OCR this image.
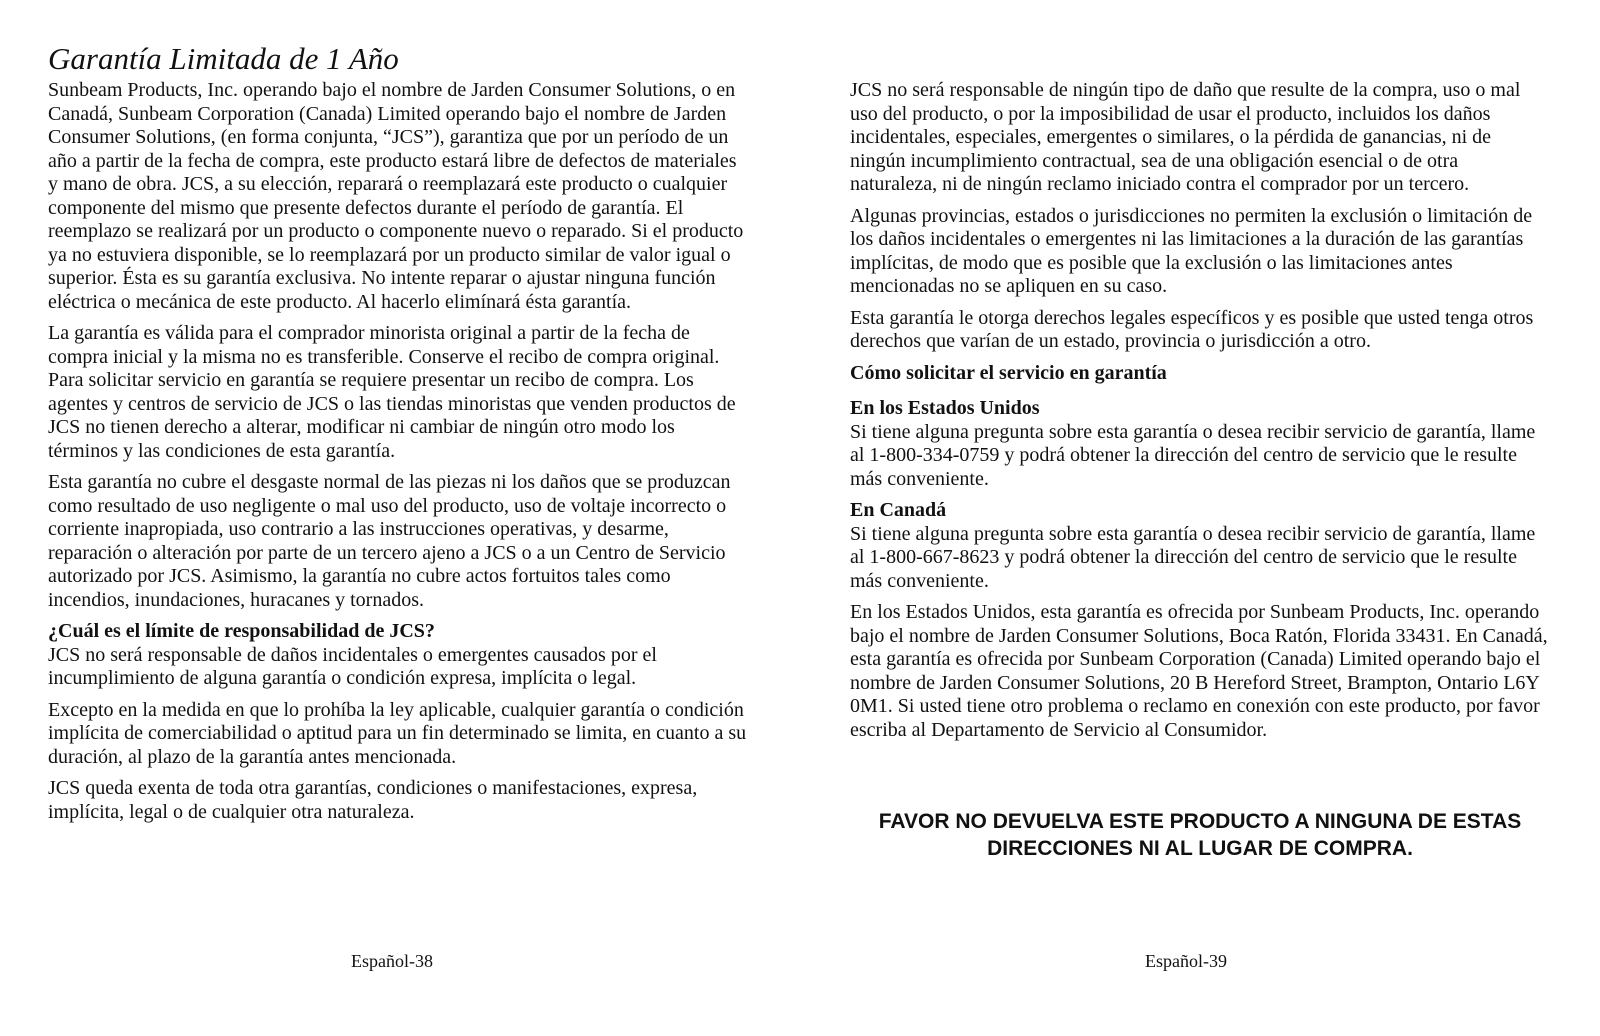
Garantía Limitada de 1 Año

Sunbeam Products, Inc. operando bajo el nombre de Jarden Consumer Solutions, o en Canadá, Sunbeam Corporation (Canada) Limited operando bajo el nombre de Jarden Consumer Solutions, (en forma conjunta, “JCS”), garantiza que por un período de un año a partir de la fecha de compra, este producto estará libre de defectos de materiales y mano de obra. JCS, a su elección, reparará o reemplazará este producto o cualquier componente del mismo que presente defectos durante el período de garantía. El reemplazo se realizará por un producto o componente nuevo o reparado. Si el producto ya no estuviera disponible, se lo reemplazará por un producto similar de valor igual o superior. Ésta es su garantía exclusiva. No intente reparar o ajustar ninguna función eléctrica o mecánica de este producto. Al hacerlo elimínará ésta garantía.

La garantía es válida para el comprador minorista original a partir de la fecha de compra inicial y la misma no es transferible. Conserve el recibo de compra original. Para solicitar servicio en garantía se requiere presentar un recibo de compra. Los agentes y centros de servicio de JCS o las tiendas minoristas que venden productos de JCS no tienen derecho a alterar, modificar ni cambiar de ningún otro modo los términos y las condiciones de esta garantía.

Esta garantía no cubre el desgaste normal de las piezas ni los daños que se produzcan como resultado de uso negligente o mal uso del producto, uso de voltaje incorrecto o corriente inapropiada, uso contrario a las instrucciones operativas, y desarme, reparación o alteración por parte de un tercero ajeno a JCS o a un Centro de Servicio autorizado por JCS. Asimismo, la garantía no cubre actos fortuitos tales como incendios, inundaciones, huracanes y tornados.

¿Cuál es el límite de responsabilidad de JCS?

JCS no será responsable de daños incidentales o emergentes causados por el incumplimiento de alguna garantía o condición expresa, implícita o legal.

Excepto en la medida en que lo prohíba la ley aplicable, cualquier garantía o condición implícita de comerciabilidad o aptitud para un fin determinado se limita, en cuanto a su duración, al plazo de la garantía antes mencionada.

JCS queda exenta de toda otra garantías, condiciones o manifestaciones, expresa, implícita, legal o de cualquier otra naturaleza.

Español-38

JCS no será responsable de ningún tipo de daño que resulte de la compra, uso o mal uso del producto, o por la imposibilidad de usar el producto, incluidos los daños incidentales, especiales, emergentes o similares, o la pérdida de ganancias, ni de ningún incumplimiento contractual, sea de una obligación esencial o de otra naturaleza, ni de ningún reclamo iniciado contra el comprador por un tercero.

Algunas provincias, estados o jurisdicciones no permiten la exclusión o limitación de los daños incidentales o emergentes ni las limitaciones a la duración de las garantías implícitas, de modo que es posible que la exclusión o las limitaciones antes mencionadas no se apliquen en su caso.

Esta garantía le otorga derechos legales específicos y es posible que usted tenga otros derechos que varían de un estado, provincia o jurisdicción a otro.

Cómo solicitar el servicio en garantía
En los Estados Unidos
Si tiene alguna pregunta sobre esta garantía o desea recibir servicio de garantía, llame al 1-800-334-0759 y podrá obtener la dirección del centro de servicio que le resulte más conveniente.
En Canadá
Si tiene alguna pregunta sobre esta garantía o desea recibir servicio de garantía, llame al 1-800-667-8623 y podrá obtener la dirección del centro de servicio que le resulte más conveniente.

En los Estados Unidos, esta garantía es ofrecida por Sunbeam Products, Inc. operando bajo el nombre de Jarden Consumer Solutions, Boca Ratón, Florida 33431. En Canadá, esta garantía es ofrecida por Sunbeam Corporation (Canada) Limited operando bajo el nombre de Jarden Consumer Solutions, 20 B Hereford Street, Brampton, Ontario L6Y 0M1. Si usted tiene otro problema o reclamo en conexión con este producto, por favor escriba al Departamento de Servicio al Consumidor.

FAVOR NO DEVUELVA ESTE PRODUCTO A NINGUNA DE ESTAS DIRECCIONES NI AL LUGAR DE COMPRA.
Español-39
